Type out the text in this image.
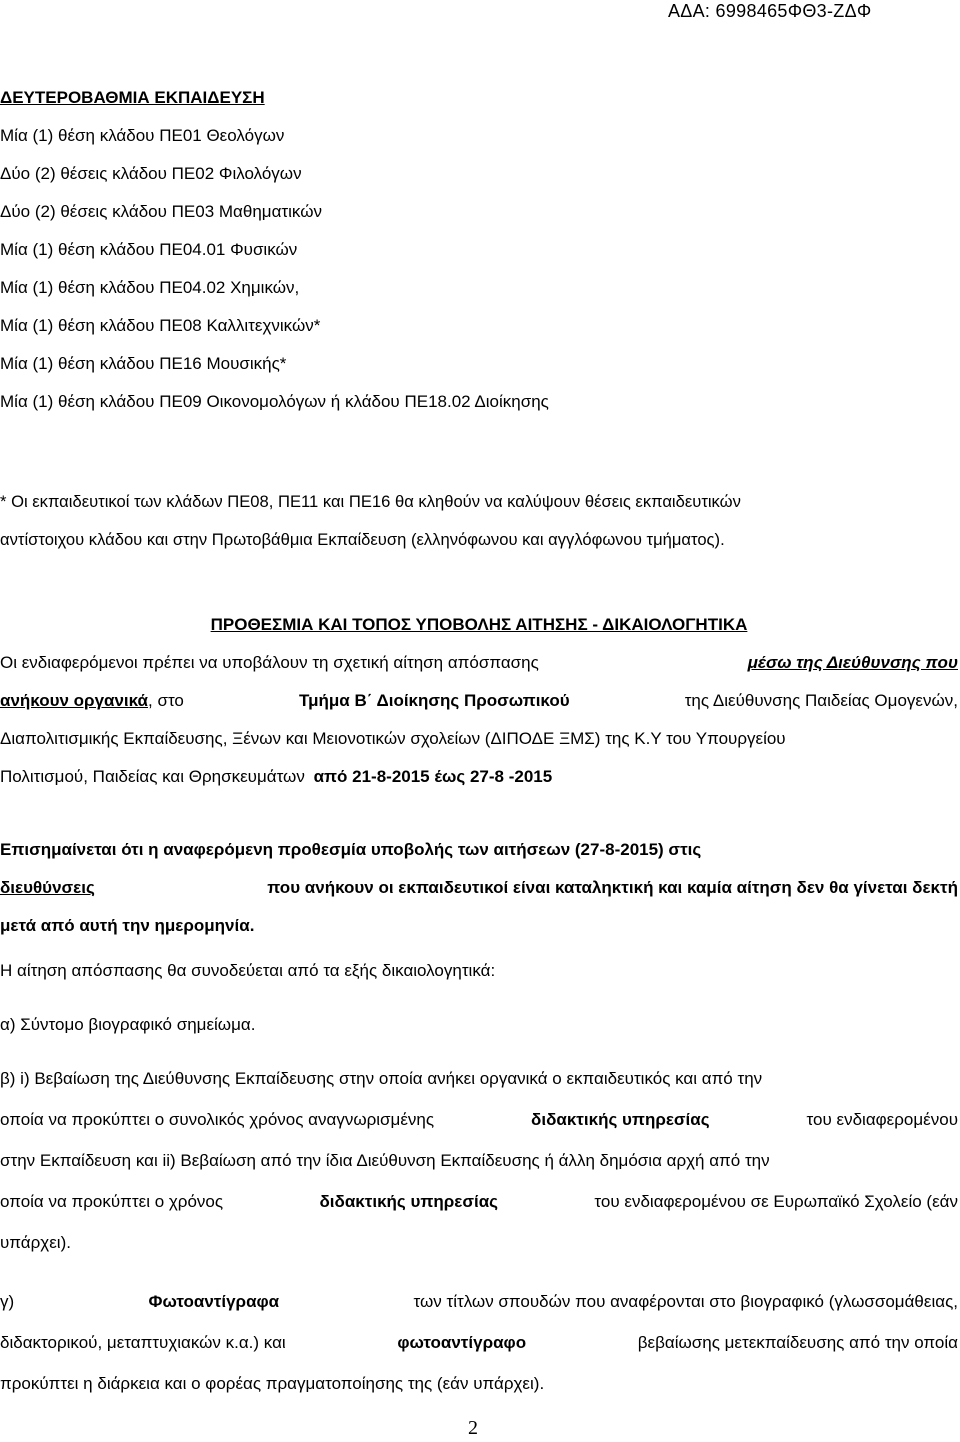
ΑΔΑ: 6998465ΦΘ3-ΖΔΦ

ΔΕΥΤΕΡΟΒΑΘΜΙΑ ΕΚΠΑΙΔΕΥΣΗ

Μία (1) θέση κλάδου ΠΕ01 Θεολόγων

Δύο (2) θέσεις κλάδου ΠΕ02 Φιλολόγων

Δύο (2) θέσεις κλάδου ΠΕ03 Μαθηματικών

Μία (1) θέση κλάδου ΠΕ04.01 Φυσικών

Μία (1) θέση κλάδου ΠΕ04.02 Χημικών,

Μία (1) θέση κλάδου ΠΕ08 Καλλιτεχνικών*

Μία (1) θέση κλάδου ΠΕ16 Μουσικής*

Μία (1) θέση κλάδου ΠΕ09 Οικονομολόγων ή κλάδου ΠΕ18.02 Διοίκησης

* Οι εκπαιδευτικοί των κλάδων ΠΕ08, ΠΕ11 και ΠΕ16 θα κληθούν να καλύψουν θέσεις εκπαιδευτικών

αντίστοιχου κλάδου και στην Πρωτοβάθμια Εκπαίδευση (ελληνόφωνου και αγγλόφωνου τμήματος).

ΠΡΟΘΕΣΜΙΑ ΚΑΙ ΤΟΠΟΣ ΥΠΟΒΟΛΗΣ ΑΙΤΗΣΗΣ - ΔΙΚΑΙΟΛΟΓΗΤΙΚΑ

Οι ενδιαφερόμενοι πρέπει να υποβάλουν τη σχετική αίτηση απόσπασης	μέσω της Διεύθυνσης που

ανήκουν οργανικά, στο	Τμήμα Β΄ Διοίκησης Προσωπικού	της Διεύθυνσης Παιδείας Ομογενών,

Διαπολιτισμικής Εκπαίδευσης, Ξένων και Μειονοτικών σχολείων (ΔΙΠΟΔΕ ΞΜΣ) της Κ.Υ του Υπουργείου

Πολιτισμού, Παιδείας και Θρησκευμάτων από 21-8-2015 έως 27-8 -2015

Επισημαίνεται ότι η αναφερόμενη προθεσμία υποβολής των αιτήσεων (27-8-2015) στις

διευθύνσεις	που ανήκουν οι εκπαιδευτικοί είναι καταληκτική και καμία αίτηση δεν θα γίνεται δεκτή

μετά από αυτή την ημερομηνία.

Η αίτηση απόσπασης θα συνοδεύεται από τα εξής δικαιολογητικά:

α) Σύντομο βιογραφικό σημείωμα.

β) i) Βεβαίωση της Διεύθυνσης Εκπαίδευσης στην οποία ανήκει οργανικά ο εκπαιδευτικός και από την

οποία να προκύπτει ο συνολικός χρόνος αναγνωρισμένης	διδακτικής υπηρεσίας	του ενδιαφερομένου

στην Εκπαίδευση και ii) Βεβαίωση από την ίδια Διεύθυνση Εκπαίδευσης ή άλλη δημόσια αρχή από την

οποία να προκύπτει ο χρόνος	διδακτικής υπηρεσίας	του ενδιαφερομένου σε Ευρωπαϊκό Σχολείο (εάν

υπάρχει).

γ)	Φωτοαντίγραφα	των τίτλων σπουδών που αναφέρονται στο βιογραφικό (γλωσσομάθειας,

διδακτορικού, μεταπτυχιακών κ.α.) και	φωτοαντίγραφο	βεβαίωσης μετεκπαίδευσης από την οποία

προκύπτει η διάρκεια και ο φορέας πραγματοποίησης της (εάν υπάρχει).

2
